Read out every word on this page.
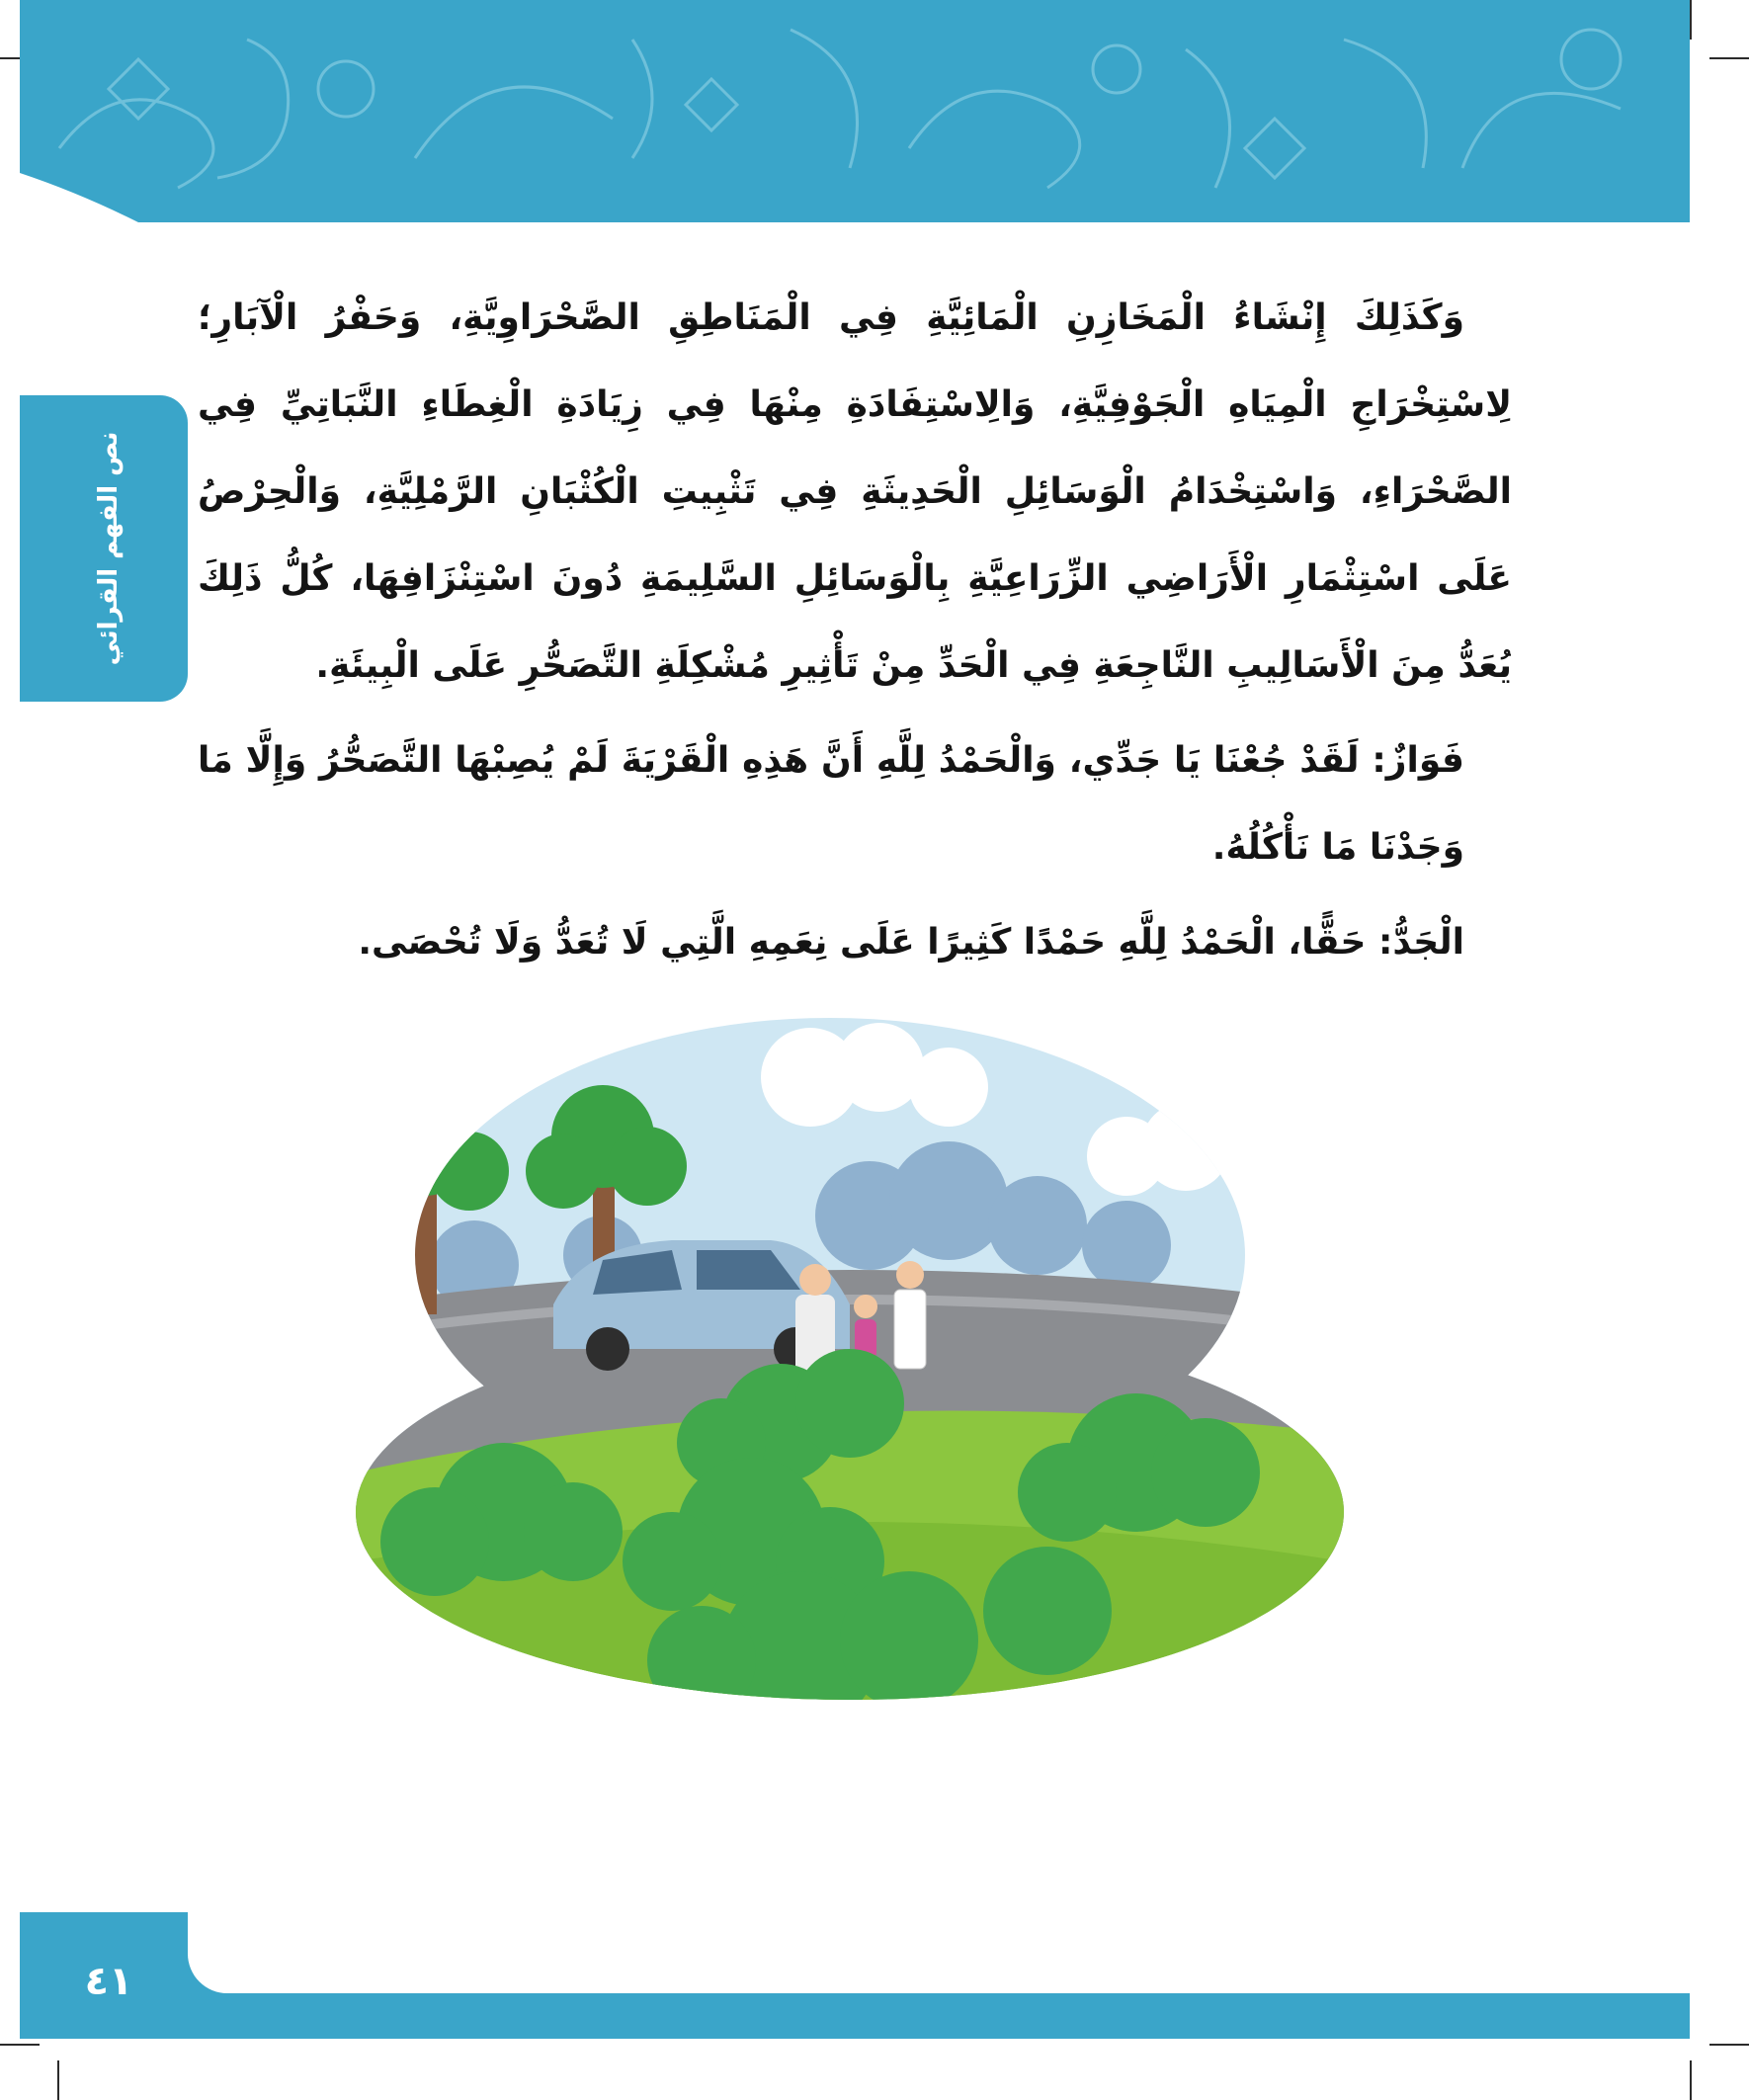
نص الفهم القرائي

وَكَذَلِكَ إِنْشَاءُ الْمَخَازِنِ الْمَائِيَّةِ فِي الْمَنَاطِقِ الصَّحْرَاوِيَّةِ، وَحَفْرُ الْآبَارِ؛ لِاسْتِخْرَاجِ الْمِيَاهِ الْجَوْفِيَّةِ، وَالِاسْتِفَادَةِ مِنْهَا فِي زِيَادَةِ الْغِطَاءِ النَّبَاتِيِّ فِي الصَّحْرَاءِ، وَاسْتِخْدَامُ الْوَسَائِلِ الْحَدِيثَةِ فِي تَثْبِيتِ الْكُثْبَانِ الرَّمْلِيَّةِ، وَالْحِرْصُ عَلَى اسْتِثْمَارِ الْأَرَاضِي الزِّرَاعِيَّةِ بِالْوَسَائِلِ السَّلِيمَةِ دُونَ اسْتِنْزَافِهَا، كُلُّ ذَلِكَ يُعَدُّ مِنَ الْأَسَالِيبِ النَّاجِعَةِ فِي الْحَدِّ مِنْ تَأْثِيرِ مُشْكِلَةِ التَّصَحُّرِ عَلَى الْبِيئَةِ.

فَوَازٌ: لَقَدْ جُعْنَا يَا جَدِّي، وَالْحَمْدُ لِلَّهِ أَنَّ هَذِهِ الْقَرْيَةَ لَمْ يُصِبْهَا التَّصَحُّرُ وَإِلَّا مَا وَجَدْنَا مَا نَأْكُلُهُ.

الْجَدُّ: حَقًّا، الْحَمْدُ لِلَّهِ حَمْدًا كَثِيرًا عَلَى نِعَمِهِ الَّتِي لَا تُعَدُّ وَلَا تُحْصَى.

٤١
